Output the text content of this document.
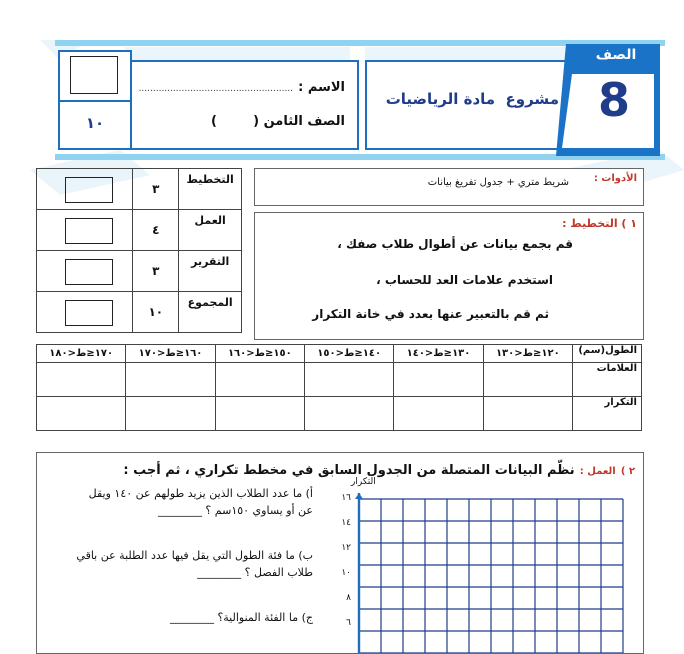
١٠
الاسم : ......................................................
الصف الثامن (        )
مشروع  مادة الرياضيات
الصف
8
	٣	التخطيط

	٤	العمل

	٣	التقرير

	١٠	المجموع
الأدوات :
شريط متري + جدول تفريغ بيانات
١ ) التخطيط :
قم بجمع بيانات عن أطوال طلاب صفك ،
استخدم علامات العد للحساب ،
ثم قم بالتعبير عنها بعدد في خانة التكرار
الطول(سم)	١٢٠≤ط<١٣٠	١٣٠≤ط<١٤٠	١٤٠≤ط<١٥٠	١٥٠≤ط<١٦٠	١٦٠≤ط<١٧٠	١٧٠≤ط<١٨٠
العلامات						
التكرار						
٢ ) العمل : نظّم البيانات المتصلة من الجدول السابق في مخطط تكراري ، ثم أجب :
أ) ما عدد الطلاب الذين يزيد طولهم عن ١٤٠ ويقل
عن أو يساوي ١٥٠سم ؟ ________
ب) ما فئة الطول التي يقل فيها عدد الطلبة عن باقي
طلاب الفصل ؟ ________
ج) ما الفئة المنوالية؟ ________
التكرار
١٦
١٤
١٢
١٠
٨
٦
